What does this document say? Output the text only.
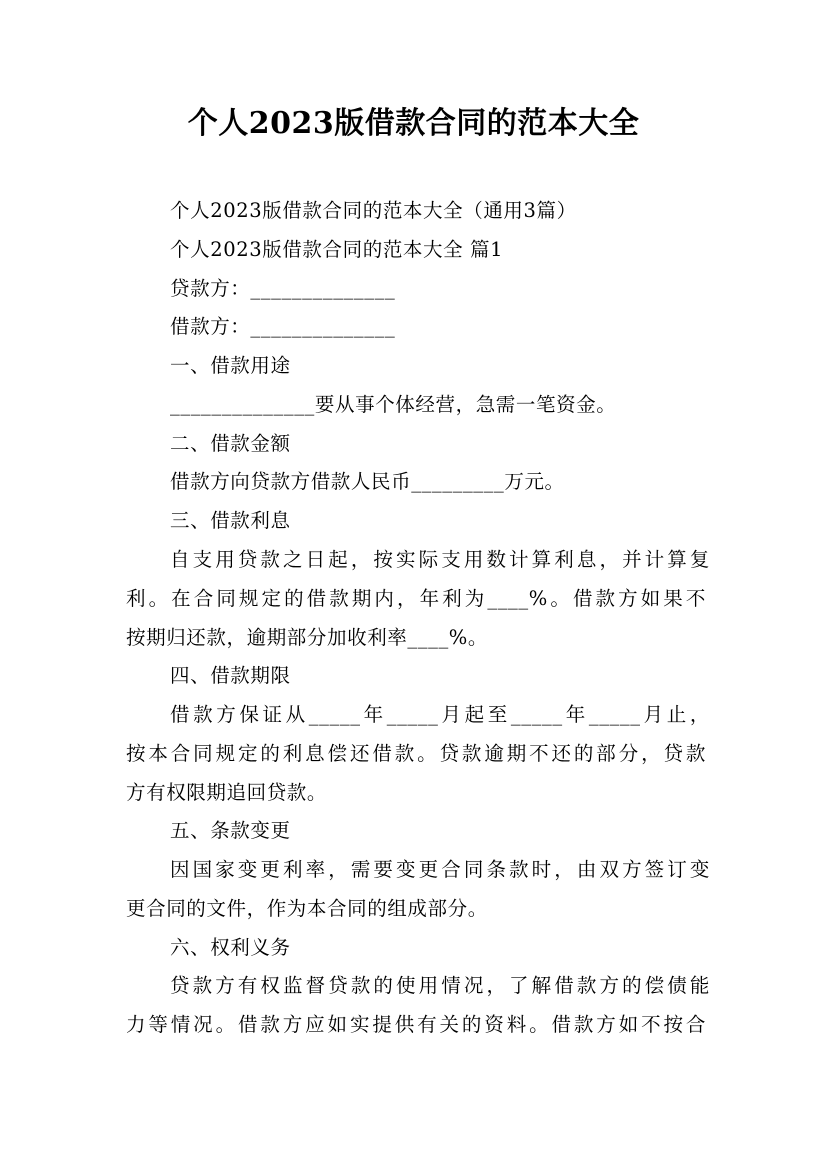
个人2023版借款合同的范本大全
个人2023版借款合同的范本大全（通用3篇）
个人2023版借款合同的范本大全 篇1
贷款方：______________
借款方：______________
一、借款用途
______________要从事个体经营，急需一笔资金。
二、借款金额
借款方向贷款方借款人民币_________万元。
三、借款利息
自支用贷款之日起，按实际支用数计算利息，并计算复
利。在合同规定的借款期内，年利为____%。借款方如果不
按期归还款，逾期部分加收利率____%。
四、借款期限
借款方保证从_____年_____月起至_____年_____月止，
按本合同规定的利息偿还借款。贷款逾期不还的部分，贷款
方有权限期追回贷款。
五、条款变更
因国家变更利率，需要变更合同条款时，由双方签订变
更合同的文件，作为本合同的组成部分。
六、权利义务
贷款方有权监督贷款的使用情况，了解借款方的偿债能
力等情况。借款方应如实提供有关的资料。借款方如不按合
